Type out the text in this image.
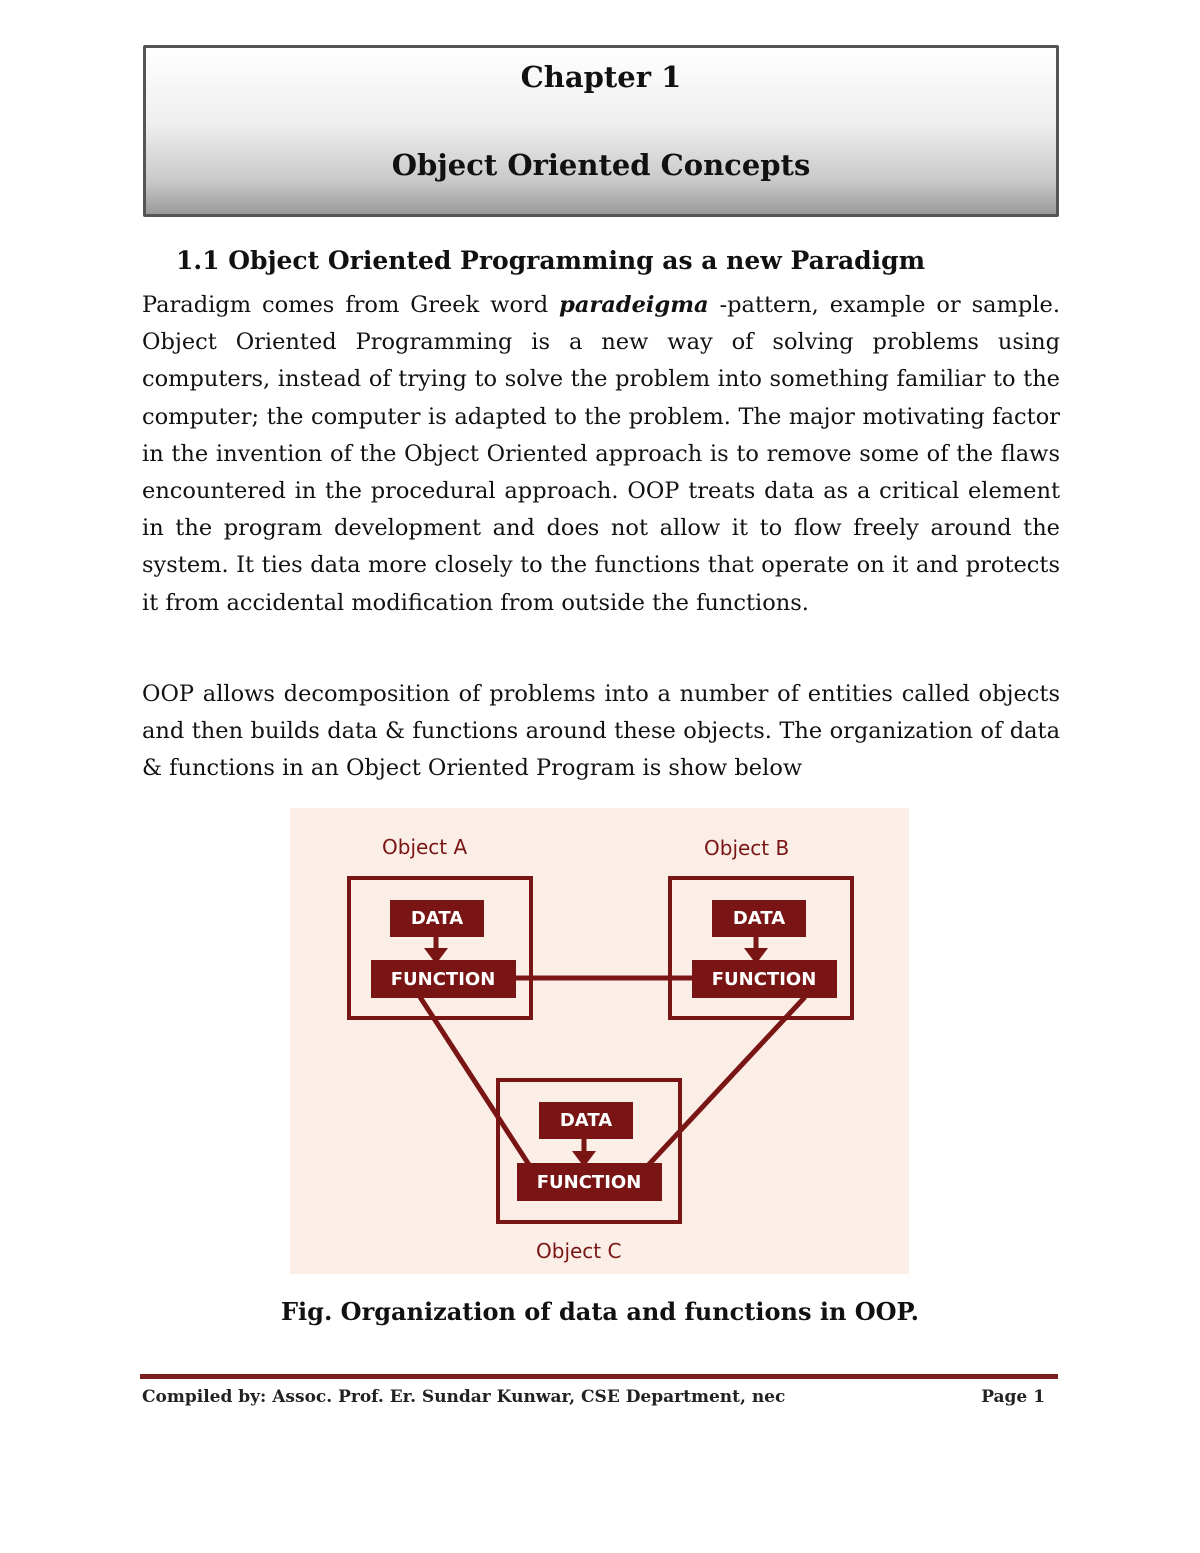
Chapter 1
Object Oriented Concepts
1.1 Object Oriented Programming as a new Paradigm

Paradigm comes from Greek word paradeigma -pattern, example or sample. Object Oriented Programming is a new way of solving problems using computers, instead of trying to solve the problem into something familiar to the computer; the computer is adapted to the problem. The major motivating factor in the invention of the Object Oriented approach is to remove some of the flaws encountered in the procedural approach. OOP treats data as a critical element in the program development and does not allow it to flow freely around the system. It ties data more closely to the functions that operate on it and protects it from accidental modification from outside the functions.

OOP allows decomposition of problems into a number of entities called objects and then builds data & functions around these objects. The organization of data & functions in an Object Oriented Program is show below

DATA	DATA
DATA
FUNCTION	FUNCTION
FUNCTION
Object A	Object B
Object C

Fig. Organization of data and functions in OOP.

Compiled by: Assoc. Prof. Er. Sundar Kunwar, CSE Department, nec	Page 1
